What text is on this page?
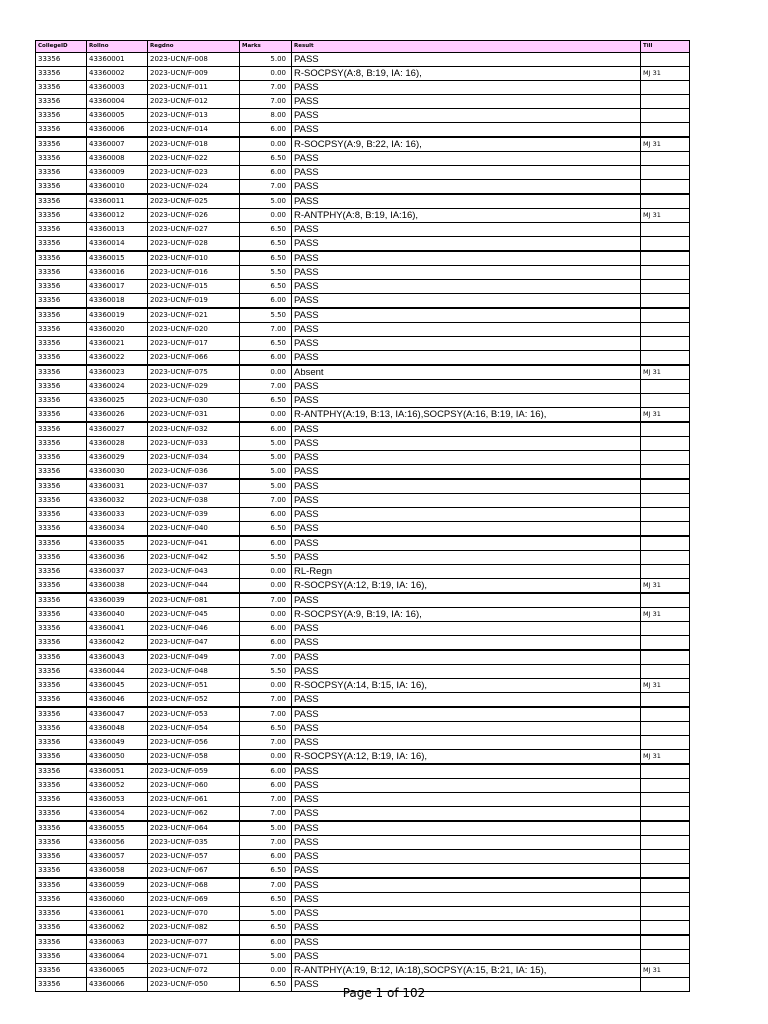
CollegeID	Rollno	Regdno	Marks	Result	Till
33356	43360001	2023-UCN/F-008	5.00	PASS	
33356	43360002	2023-UCN/F-009	0.00	R-SOCPSY(A:8, B:19, IA: 16),	MJ 31
33356	43360003	2023-UCN/F-011	7.00	PASS	
33356	43360004	2023-UCN/F-012	7.00	PASS	
33356	43360005	2023-UCN/F-013	8.00	PASS	
33356	43360006	2023-UCN/F-014	6.00	PASS	
33356	43360007	2023-UCN/F-018	0.00	R-SOCPSY(A:9, B:22, IA: 16),	MJ 31
33356	43360008	2023-UCN/F-022	6.50	PASS	
33356	43360009	2023-UCN/F-023	6.00	PASS	
33356	43360010	2023-UCN/F-024	7.00	PASS	
33356	43360011	2023-UCN/F-025	5.00	PASS	
33356	43360012	2023-UCN/F-026	0.00	R-ANTPHY(A:8, B:19, IA:16),	MJ 31
33356	43360013	2023-UCN/F-027	6.50	PASS	
33356	43360014	2023-UCN/F-028	6.50	PASS	
33356	43360015	2023-UCN/F-010	6.50	PASS	
33356	43360016	2023-UCN/F-016	5.50	PASS	
33356	43360017	2023-UCN/F-015	6.50	PASS	
33356	43360018	2023-UCN/F-019	6.00	PASS	
33356	43360019	2023-UCN/F-021	5.50	PASS	
33356	43360020	2023-UCN/F-020	7.00	PASS	
33356	43360021	2023-UCN/F-017	6.50	PASS	
33356	43360022	2023-UCN/F-066	6.00	PASS	
33356	43360023	2023-UCN/F-075	0.00	Absent	MJ 31
33356	43360024	2023-UCN/F-029	7.00	PASS	
33356	43360025	2023-UCN/F-030	6.50	PASS	
33356	43360026	2023-UCN/F-031	0.00	R-ANTPHY(A:19, B:13, IA:16),SOCPSY(A:16, B:19, IA: 16),	MJ 31
33356	43360027	2023-UCN/F-032	6.00	PASS	
33356	43360028	2023-UCN/F-033	5.00	PASS	
33356	43360029	2023-UCN/F-034	5.00	PASS	
33356	43360030	2023-UCN/F-036	5.00	PASS	
33356	43360031	2023-UCN/F-037	5.00	PASS	
33356	43360032	2023-UCN/F-038	7.00	PASS	
33356	43360033	2023-UCN/F-039	6.00	PASS	
33356	43360034	2023-UCN/F-040	6.50	PASS	
33356	43360035	2023-UCN/F-041	6.00	PASS	
33356	43360036	2023-UCN/F-042	5.50	PASS	
33356	43360037	2023-UCN/F-043	0.00	RL-Regn	
33356	43360038	2023-UCN/F-044	0.00	R-SOCPSY(A:12, B:19, IA: 16),	MJ 31
33356	43360039	2023-UCN/F-081	7.00	PASS	
33356	43360040	2023-UCN/F-045	0.00	R-SOCPSY(A:9, B:19, IA: 16),	MJ 31
33356	43360041	2023-UCN/F-046	6.00	PASS	
33356	43360042	2023-UCN/F-047	6.00	PASS	
33356	43360043	2023-UCN/F-049	7.00	PASS	
33356	43360044	2023-UCN/F-048	5.50	PASS	
33356	43360045	2023-UCN/F-051	0.00	R-SOCPSY(A:14, B:15, IA: 16),	MJ 31
33356	43360046	2023-UCN/F-052	7.00	PASS	
33356	43360047	2023-UCN/F-053	7.00	PASS	
33356	43360048	2023-UCN/F-054	6.50	PASS	
33356	43360049	2023-UCN/F-056	7.00	PASS	
33356	43360050	2023-UCN/F-058	0.00	R-SOCPSY(A:12, B:19, IA: 16),	MJ 31
33356	43360051	2023-UCN/F-059	6.00	PASS	
33356	43360052	2023-UCN/F-060	6.00	PASS	
33356	43360053	2023-UCN/F-061	7.00	PASS	
33356	43360054	2023-UCN/F-062	7.00	PASS	
33356	43360055	2023-UCN/F-064	5.00	PASS	
33356	43360056	2023-UCN/F-035	7.00	PASS	
33356	43360057	2023-UCN/F-057	6.00	PASS	
33356	43360058	2023-UCN/F-067	6.50	PASS	
33356	43360059	2023-UCN/F-068	7.00	PASS	
33356	43360060	2023-UCN/F-069	6.50	PASS	
33356	43360061	2023-UCN/F-070	5.00	PASS	
33356	43360062	2023-UCN/F-082	6.50	PASS	
33356	43360063	2023-UCN/F-077	6.00	PASS	
33356	43360064	2023-UCN/F-071	5.00	PASS	
33356	43360065	2023-UCN/F-072	0.00	R-ANTPHY(A:19, B:12, IA:18),SOCPSY(A:15, B:21, IA: 15),	MJ 31
33356	43360066	2023-UCN/F-050	6.50	PASS	
Page 1 of 102
